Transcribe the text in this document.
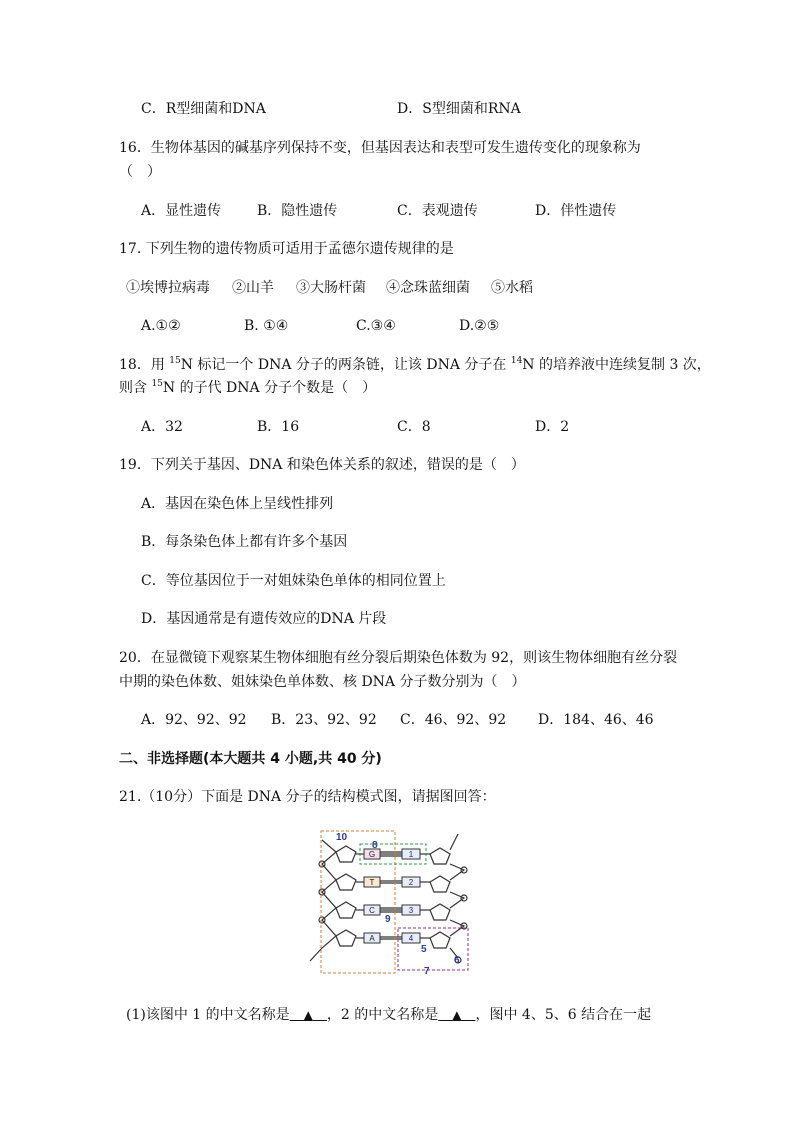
C．R型细菌和DNA	D．S型细菌和RNA
16．生物体基因的碱基序列保持不变，但基因表达和表型可发生遗传变化的现象称为
（　）
A．显性遗传	B．隐性遗传	C．表观遗传	D．伴性遗传
17. 下列生物的遗传物质可适用于孟德尔遗传规律的是
①埃博拉病毒 ②山羊 ③大肠杆菌 ④念珠蓝细菌 ⑤水稻
A.①②	B. ①④	C.③④	D.②⑤
18．用 $^{15}$N 标记一个 DNA 分子的两条链，让该 DNA 分子在 $^{14}$N 的培养液中连续复制 3 次，
则含 $^{15}$N 的子代 DNA 分子个数是（　）
A．32	B．16	C．8	D．2
19．下列关于基因、DNA 和染色体关系的叙述，错误的是（　）
A．基因在染色体上呈线性排列
B．每条染色体上都有许多个基因
C．等位基因位于一对姐妹染色单体的相同位置上
D．基因通常是有遗传效应的DNA 片段
20．在显微镜下观察某生物体细胞有丝分裂后期染色体数为 92，则该生物体细胞有丝分裂
中期的染色体数、姐妹染色单体数、核 DNA 分子数分别为（　）
A．92、92、92 B．23、92、92 C．46、92、92 D．184、46、46
二、非选择题(本大题共 4 小题,共 40 分)
21.（10分）下面是 DNA 分子的结构模式图，请据图回答：
G	1
T	2
C	3
A	4
10
8
9
5
6
7
(1)该图中 1 的中文名称是  ▲  ，2 的中文名称是  ▲  ，图中 4、5、6 结合在一起
